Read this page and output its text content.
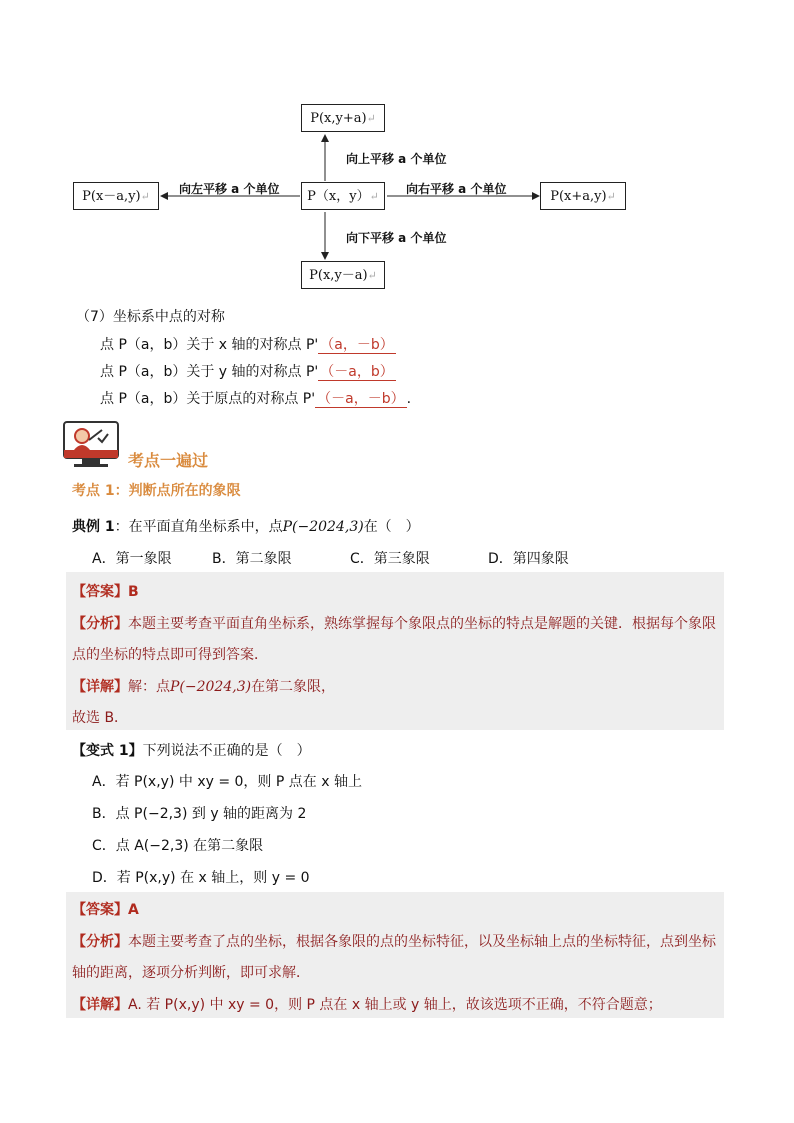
P(x,y+a)↵
P（x，y）↵
P(x,y－a)↵
P(x－a,y)↵	P(x+a,y)↵
向上平移 a 个单位
向下平移 a 个单位
向左平移 a 个单位	向右平移 a 个单位
（7）坐标系中点的对称
点 P（a，b）关于 x 轴的对称点 P' （a，－b）
点 P（a，b）关于 y 轴的对称点 P' （－a，b）
点 P（a，b）关于原点的对称点 P' （－a，－b） .
考点一遍过
考点 1：判断点所在的象限
典例 1：在平面直角坐标系中，点P(−2024,3)在（　）
A．第一象限	B．第二象限	C．第三象限	D．第四象限
【答案】B
【分析】本题主要考查平面直角坐标系，熟练掌握每个象限点的坐标的特点是解题的关键．根据每个象限
点的坐标的特点即可得到答案．
【详解】解：点P(−2024,3)在第二象限，
故选 B．
【变式 1】下列说法不正确的是（　）
A．若 P(x,y) 中 xy = 0，则 P 点在 x 轴上
B．点 P(−2,3) 到 y 轴的距离为 2
C．点 A(−2,3) 在第二象限
D．若 P(x,y) 在 x 轴上，则 y = 0
【答案】A
【分析】本题主要考查了点的坐标，根据各象限的点的坐标特征，以及坐标轴上点的坐标特征，点到坐标
轴的距离，逐项分析判断，即可求解．
【详解】A. 若 P(x,y) 中 xy = 0，则 P 点在 x 轴上或 y 轴上，故该选项不正确，不符合题意；
